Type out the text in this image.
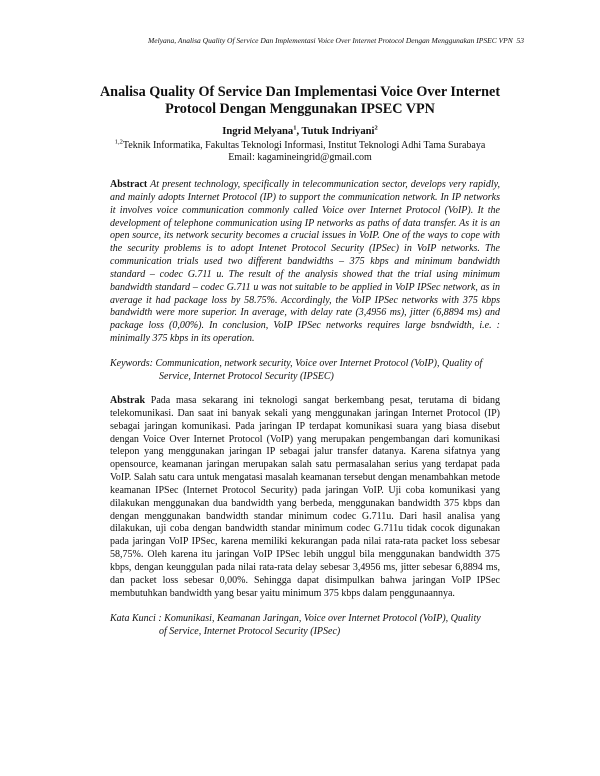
Melyana, Analisa Quality Of Service Dan Implementasi Voice Over Internet Protocol Dengan Menggunakan IPSEC VPN 53
Analisa Quality Of Service Dan Implementasi Voice Over Internet
Protocol Dengan Menggunakan IPSEC VPN
Ingrid Melyana$^1$, Tutuk Indriyani$^2$
$^{1,2}$Teknik Informatika, Fakultas Teknologi Informasi, Institut Teknologi Adhi Tama Surabaya
Email: kagamineingrid@gmail.com

Abstract At present technology, specifically in telecommunication sector, develops very rapidly, and mainly adopts Internet Protocol (IP) to support the communication network. In IP networks it involves voice communication commonly called Voice over Internet Protocol (VoIP). It the development of telephone communication using IP networks as paths of data transfer. As it is an open source, its network security becomes a crucial issues in VoIP. One of the ways to cope with the security problems is to adopt Intenet Protocol Security (IPSec) in VoIP networks. The communication trials used two different bandwidths – 375 kbps and minimum bandwidth standard – codec G.711 u. The result of the analysis showed that the trial using minimum bandwidth standard – codec G.711 u was not suitable to be applied in VoIP IPSec network, as in average it had package loss by 58.75%. Accordingly, the VoIP IPSec networks with 375 kbps bandwidth were more superior. In average, with delay rate (3,4956 ms), jitter (6,8894 ms) and package loss (0,00%). In conclusion, VoIP IPSec networks requires large bsndwidth, i.e. : minimally 375 kbps in its operation.

Keywords: Communication, network security, Voice over Internet Protocol (VoIP), Quality of
Service, Internet Protocol Security (IPSEC)

Abstrak Pada masa sekarang ini teknologi sangat berkembang pesat, terutama di bidang telekomunikasi. Dan saat ini banyak sekali yang menggunakan jaringan Internet Protocol (IP) sebagai jaringan komunikasi. Pada jaringan IP terdapat komunikasi suara yang biasa disebut dengan Voice Over Internet Protocol (VoIP) yang merupakan pengembangan dari komunikasi telepon yang menggunakan jaringan IP sebagai jalur transfer datanya. Karena sifatnya yang opensource, keamanan jaringan merupakan salah satu permasalahan serius yang terdapat pada VoIP. Salah satu cara untuk mengatasi masalah keamanan tersebut dengan menambahkan metode keamanan IPSec (Internet Protocol Security) pada jaringan VoIP. Uji coba komunikasi yang dilakukan menggunakan dua bandwidth yang berbeda, menggunakan bandwidth 375 kbps dan dengan menggunakan bandwidth standar minimum codec G.711u. Dari hasil analisa yang dilakukan, uji coba dengan bandwidth standar minimum codec G.711u tidak cocok digunakan pada jaringan VoIP IPSec, karena memiliki kekurangan pada nilai rata-rata packet loss sebesar 58,75%. Oleh karena itu jaringan VoIP IPSec lebih unggul bila menggunakan bandwidth 375 kbps, dengan keunggulan pada nilai rata-rata delay sebesar 3,4956 ms, jitter sebesar 6,8894 ms, dan packet loss sebesar 0,00%. Sehingga dapat disimpulkan bahwa jaringan VoIP IPSec membutuhkan bandwidth yang besar yaitu minimum 375 kbps dalam penggunaannya.

Kata Kunci : Komunikasi, Keamanan Jaringan, Voice over Internet Protocol (VoIP), Quality
of Service, Internet Protocol Security (IPSec)
